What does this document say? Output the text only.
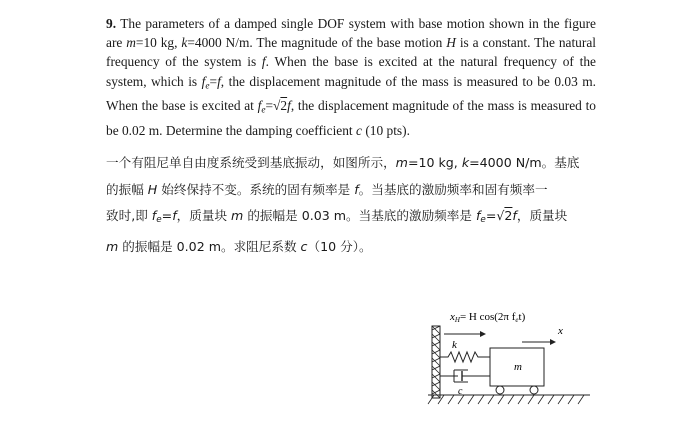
9. The parameters of a damped single DOF system with base motion shown in the figure are m=10 kg, k=4000 N/m. The magnitude of the base motion H is a constant. The natural frequency of the system is f. When the base is excited at the natural frequency of the system, which is $f_e=f$, the displacement magnitude of the mass is measured to be 0.03 m. When the base is excited at $f_e=√2f$, the displacement magnitude of the mass is measured to be 0.02 m. Determine the damping coefficient c (10 pts).
一个有阻尼单自由度系统受到基底振动，如图所示，m=10 kg, k=4000 N/m。基底
的振幅 H 始终保持不变。系统的固有频率是 f。当基底的激励频率和固有频率一
致时,即 $f_e=f$，质量块 m 的振幅是 0.03 m。当基底的激励频率是 $f_e=√2f$，质量块
m 的振幅是 0.02 m。求阻尼系数 c（10 分）。
xH= H cos(2π fet)
x
k
c
m
